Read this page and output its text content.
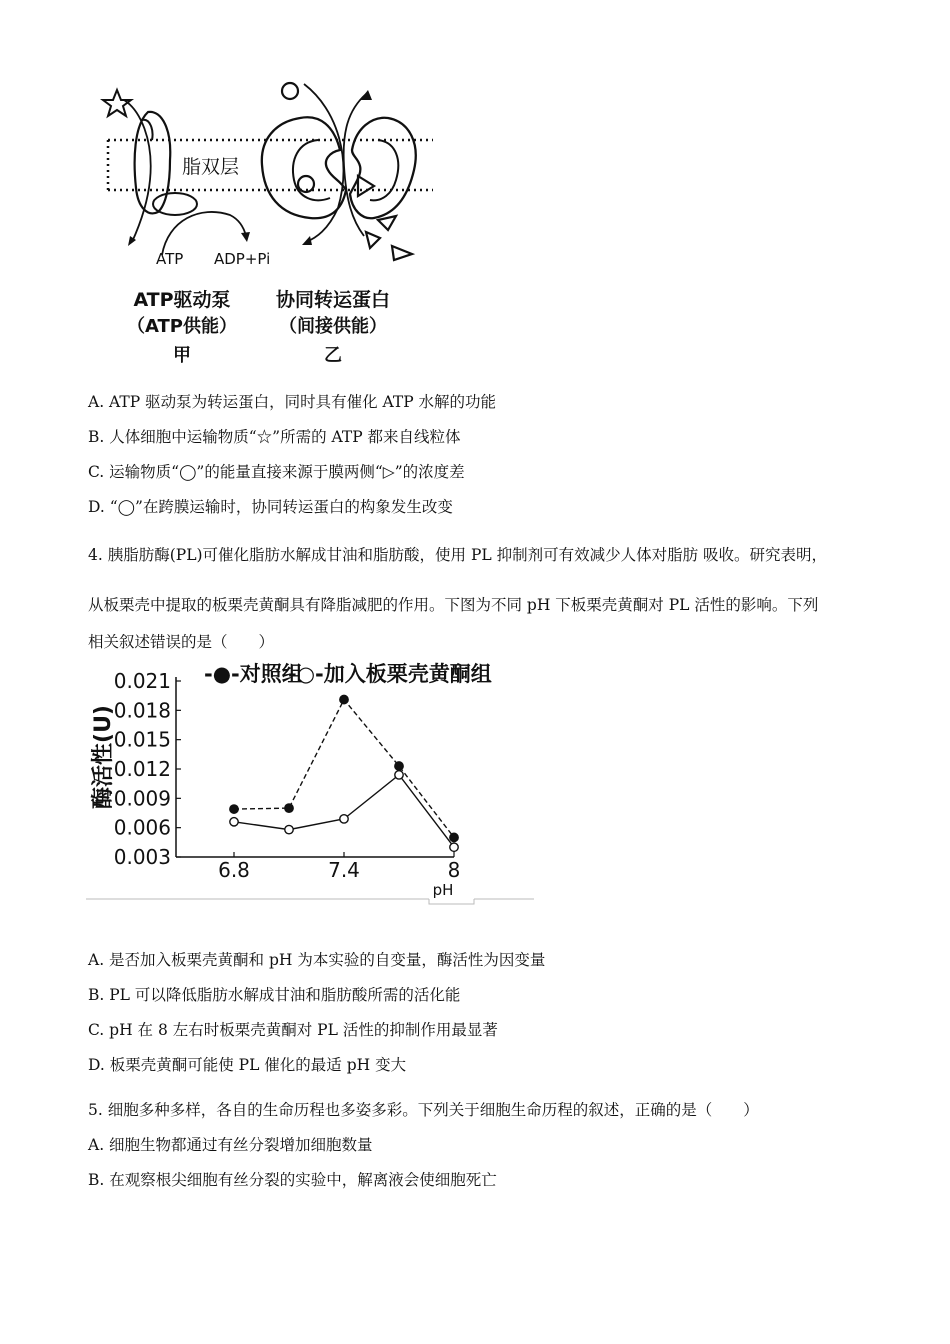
脂双层
ATP ADP+Pi
ATP驱动泵
（ATP供能）
甲
协同转运蛋白
（间接供能）
乙
A. ATP 驱动泵为转运蛋白，同时具有催化 ATP 水解的功能
B. 人体细胞中运输物质“☆”所需的 ATP 都来自线粒体
C. 运输物质“◯”的能量直接来源于膜两侧“▷”的浓度差
D. “◯”在跨膜运输时，协同转运蛋白的构象发生改变
4. 胰脂肪酶(PL)可催化脂肪水解成甘油和脂肪酸，使用 PL 抑制剂可有效减少人体对脂肪 吸收。研究表明，
从板栗壳中提取的板栗壳黄酮具有降脂减肥的作用。下图为不同 pH 下板栗壳黄酮对 PL 活性的影响。下列
相关叙述错误的是（　　）
-●-对照组
-○-加入板栗壳黄酮组
酶活性(U)
0.003
0.006
0.009
0.012
0.015
0.018
0.021
6.8	7.4	8
pH
A. 是否加入板栗壳黄酮和 pH 为本实验的自变量，酶活性为因变量
B. PL 可以降低脂肪水解成甘油和脂肪酸所需的活化能
C. pH 在 8 左右时板栗壳黄酮对 PL 活性的抑制作用最显著
D. 板栗壳黄酮可能使 PL 催化的最适 pH 变大
5. 细胞多种多样，各自的生命历程也多姿多彩。下列关于细胞生命历程的叙述，正确的是（　　）
A. 细胞生物都通过有丝分裂增加细胞数量
B. 在观察根尖细胞有丝分裂的实验中，解离液会使细胞死亡
